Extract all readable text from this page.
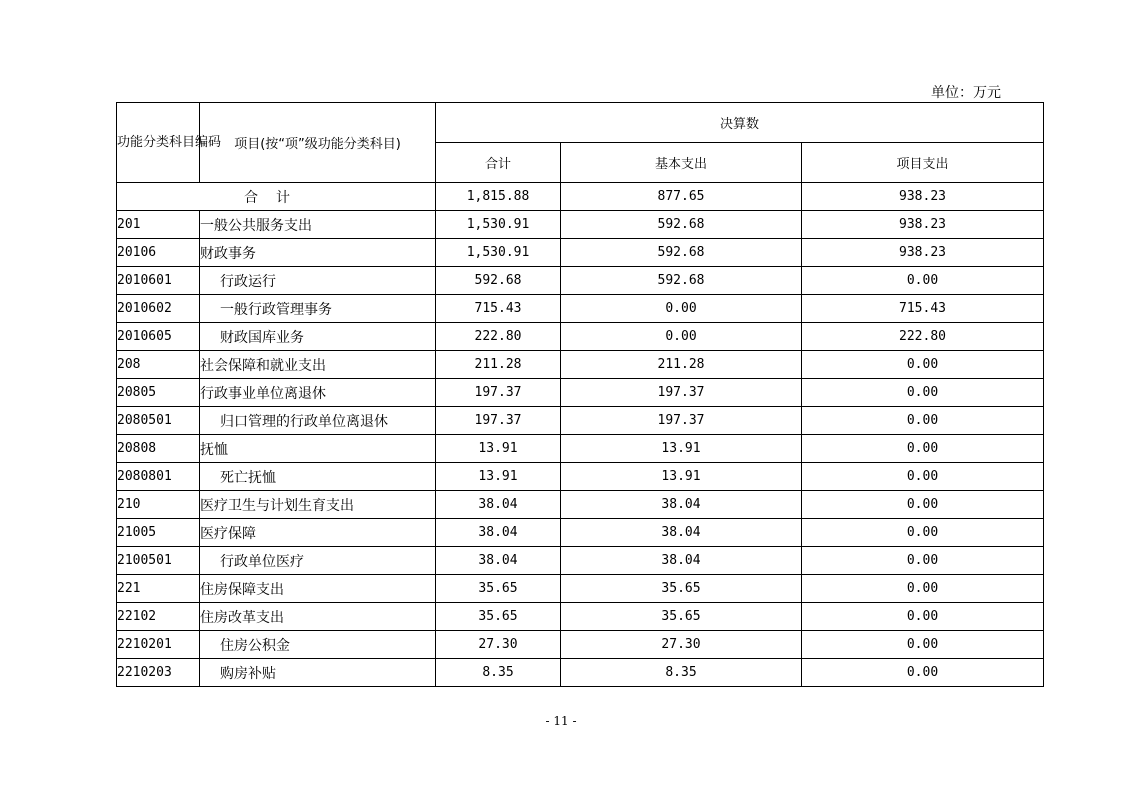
单位：万元
功能分类科目编码	项目(按“项”级功能分类科目)	决算数		
		合计	基本支出	项目支出
合计		1,815.88	877.65	938.23
201	一般公共服务支出	1,530.91	592.68	938.23
20106	财政事务	1,530.91	592.68	938.23
2010601	行政运行	592.68	592.68	0.00
2010602	一般行政管理事务	715.43	0.00	715.43
2010605	财政国库业务	222.80	0.00	222.80
208	社会保障和就业支出	211.28	211.28	0.00
20805	行政事业单位离退休	197.37	197.37	0.00
2080501	归口管理的行政单位离退休	197.37	197.37	0.00
20808	抚恤	13.91	13.91	0.00
2080801	死亡抚恤	13.91	13.91	0.00
210	医疗卫生与计划生育支出	38.04	38.04	0.00
21005	医疗保障	38.04	38.04	0.00
2100501	行政单位医疗	38.04	38.04	0.00
221	住房保障支出	35.65	35.65	0.00
22102	住房改革支出	35.65	35.65	0.00
2210201	住房公积金	27.30	27.30	0.00
2210203	购房补贴	8.35	8.35	0.00
- 11 -
